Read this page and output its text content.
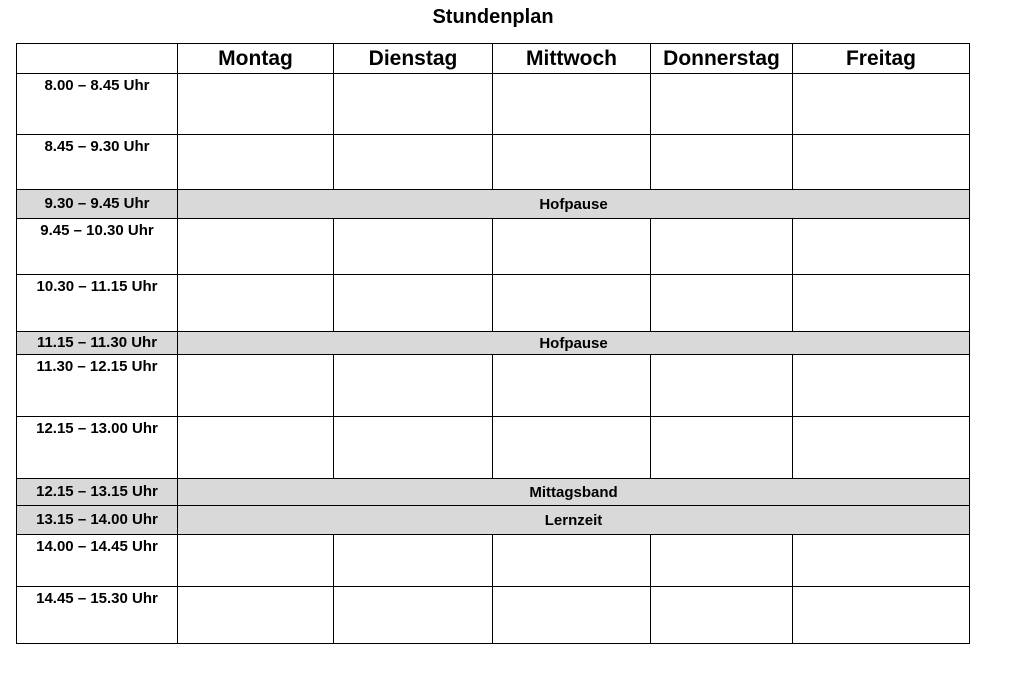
Stundenplan
	Montag	Dienstag	Mittwoch	Donnerstag	Freitag
8.00 – 8.45 Uhr					
8.45 – 9.30 Uhr					
9.30 – 9.45 Uhr	Hofpause				
9.45 – 10.30 Uhr					
10.30 – 11.15 Uhr					
11.15 – 11.30 Uhr	Hofpause				
11.30 – 12.15 Uhr					
12.15 – 13.00 Uhr					
12.15 – 13.15 Uhr	Mittagsband				
13.15 – 14.00 Uhr	Lernzeit				
14.00 – 14.45 Uhr					
14.45 – 15.30 Uhr					
